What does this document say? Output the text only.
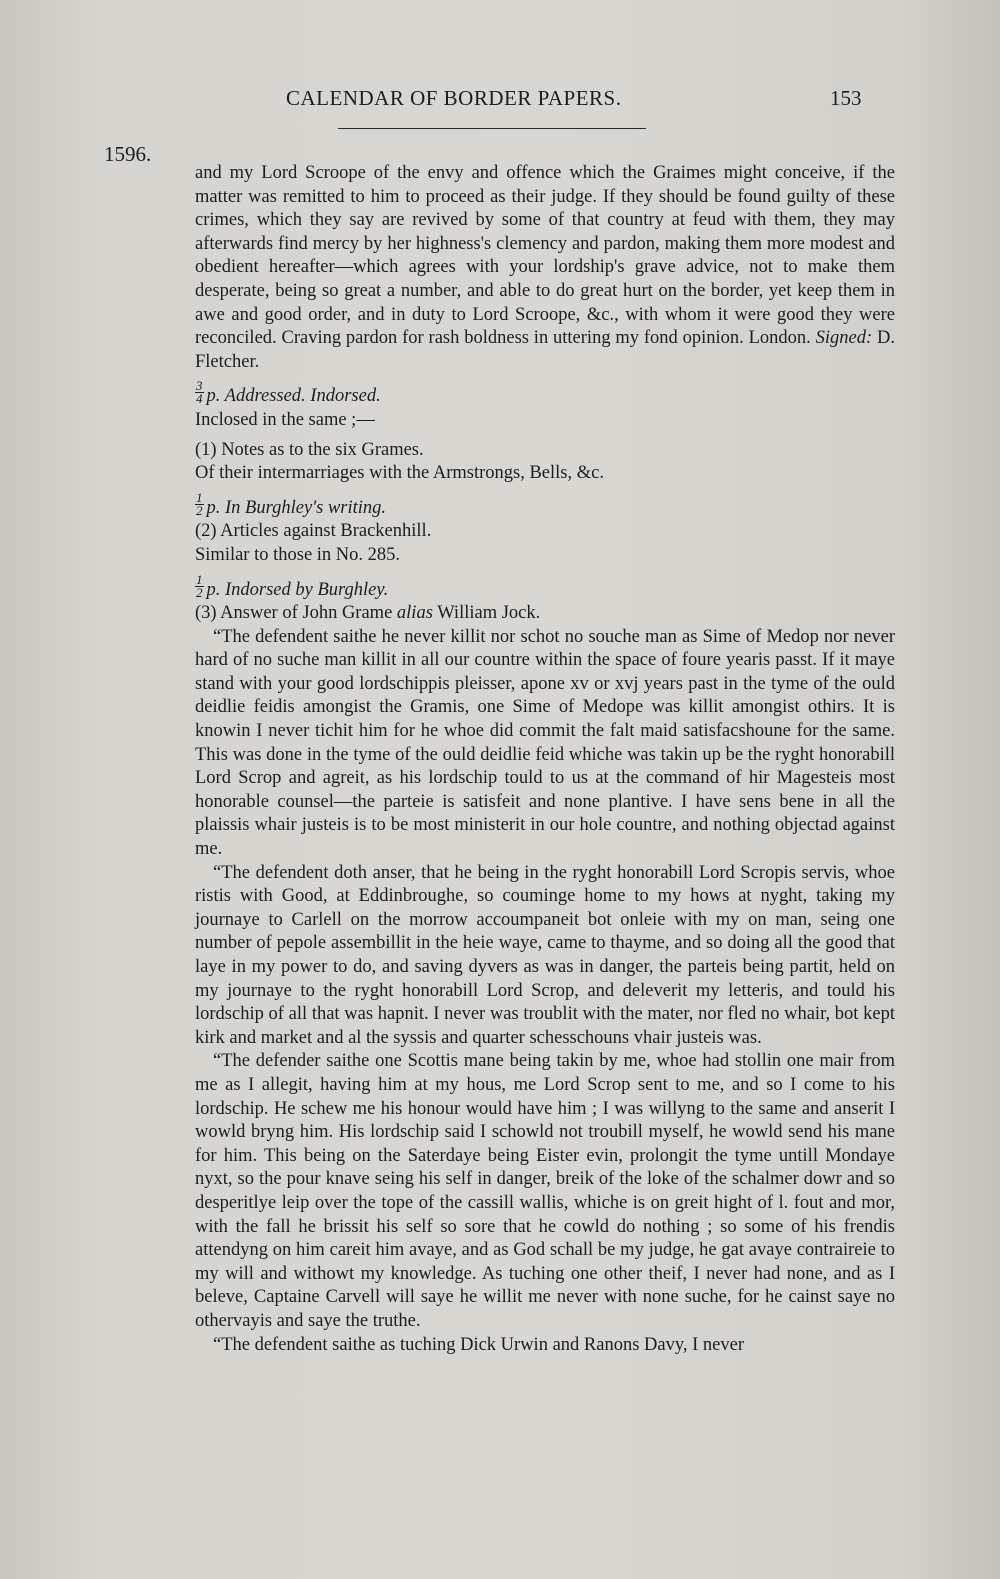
CALENDAR OF BORDER PAPERS.	153
1596.

and my Lord Scroope of the envy and offence which the Graimes might conceive, if the matter was remitted to him to proceed as their judge. If they should be found guilty of these crimes, which they say are revived by some of that country at feud with them, they may afterwards find mercy by her highness's clemency and pardon, making them more modest and obedient hereafter—which agrees with your lordship's grave advice, not to make them desperate, being so great a number, and able to do great hurt on the border, yet keep them in awe and good order, and in duty to Lord Scroope, &c., with whom it were good they were reconciled. Craving pardon for rash boldness in uttering my fond opinion. London. Signed: D. Fletcher.

$\frac{3}{4} p$. Addressed. Indorsed.

Inclosed in the same ;—

(1) Notes as to the six Grames.

Of their intermarriages with the Armstrongs, Bells, &c.

$\frac{1}{2} p$. In Burghley's writing.

(2) Articles against Brackenhill.

Similar to those in No. 285.

$\frac{1}{2} p$. Indorsed by Burghley.

(3) Answer of John Grame alias William Jock.

“The defendent saithe he never killit nor schot no souche man as Sime of Medop nor never hard of no suche man killit in all our countre within the space of foure yearis passt. If it maye stand with your good lordschippis pleisser, apone xv or xvj years past in the tyme of the ould deidlie feidis amongist the Gramis, one Sime of Medope was killit amongist othirs. It is knowin I never tichit him for he whoe did commit the falt maid satisfacshoune for the same. This was done in the tyme of the ould deidlie feid whiche was takin up be the ryght honorabill Lord Scrop and agreit, as his lordschip tould to us at the command of hir Magesteis most honorable counsel—the parteie is satisfeit and none plantive. I have sens bene in all the plaissis whair justeis is to be most ministerit in our hole countre, and nothing objectad against me.

“The defendent doth anser, that he being in the ryght honorabill Lord Scropis servis, whoe ristis with Good, at Eddinbroughe, so couminge home to my hows at nyght, taking my journaye to Carlell on the morrow accoumpaneit bot onleie with my on man, seing one number of pepole assembillit in the heie waye, came to thayme, and so doing all the good that laye in my power to do, and saving dyvers as was in danger, the parteis being partit, held on my journaye to the ryght honorabill Lord Scrop, and deleverit my letteris, and tould his lordschip of all that was hapnit. I never was troublit with the mater, nor fled no whair, bot kept kirk and market and al the syssis and quarter schesschouns vhair justeis was.

“The defender saithe one Scottis mane being takin by me, whoe had stollin one mair from me as I allegit, having him at my hous, me Lord Scrop sent to me, and so I come to his lordschip. He schew me his honour would have him ; I was willyng to the same and anserit I wowld bryng him. His lordschip said I schowld not troubill myself, he wowld send his mane for him. This being on the Saterdaye being Eister evin, prolongit the tyme untill Mondaye nyxt, so the pour knave seing his self in danger, breik of the loke of the schalmer dowr and so desperitlye leip over the tope of the cassill wallis, whiche is on greit hight of l. fout and mor, with the fall he brissit his self so sore that he cowld do nothing ; so some of his frendis attendyng on him careit him avaye, and as God schall be my judge, he gat avaye contraireie to my will and withowt my knowledge. As tuching one other theif, I never had none, and as I beleve, Captaine Carvell will saye he willit me never with none suche, for he cainst saye no othervayis and saye the truthe.

“The defendent saithe as tuching Dick Urwin and Ranons Davy, I never
